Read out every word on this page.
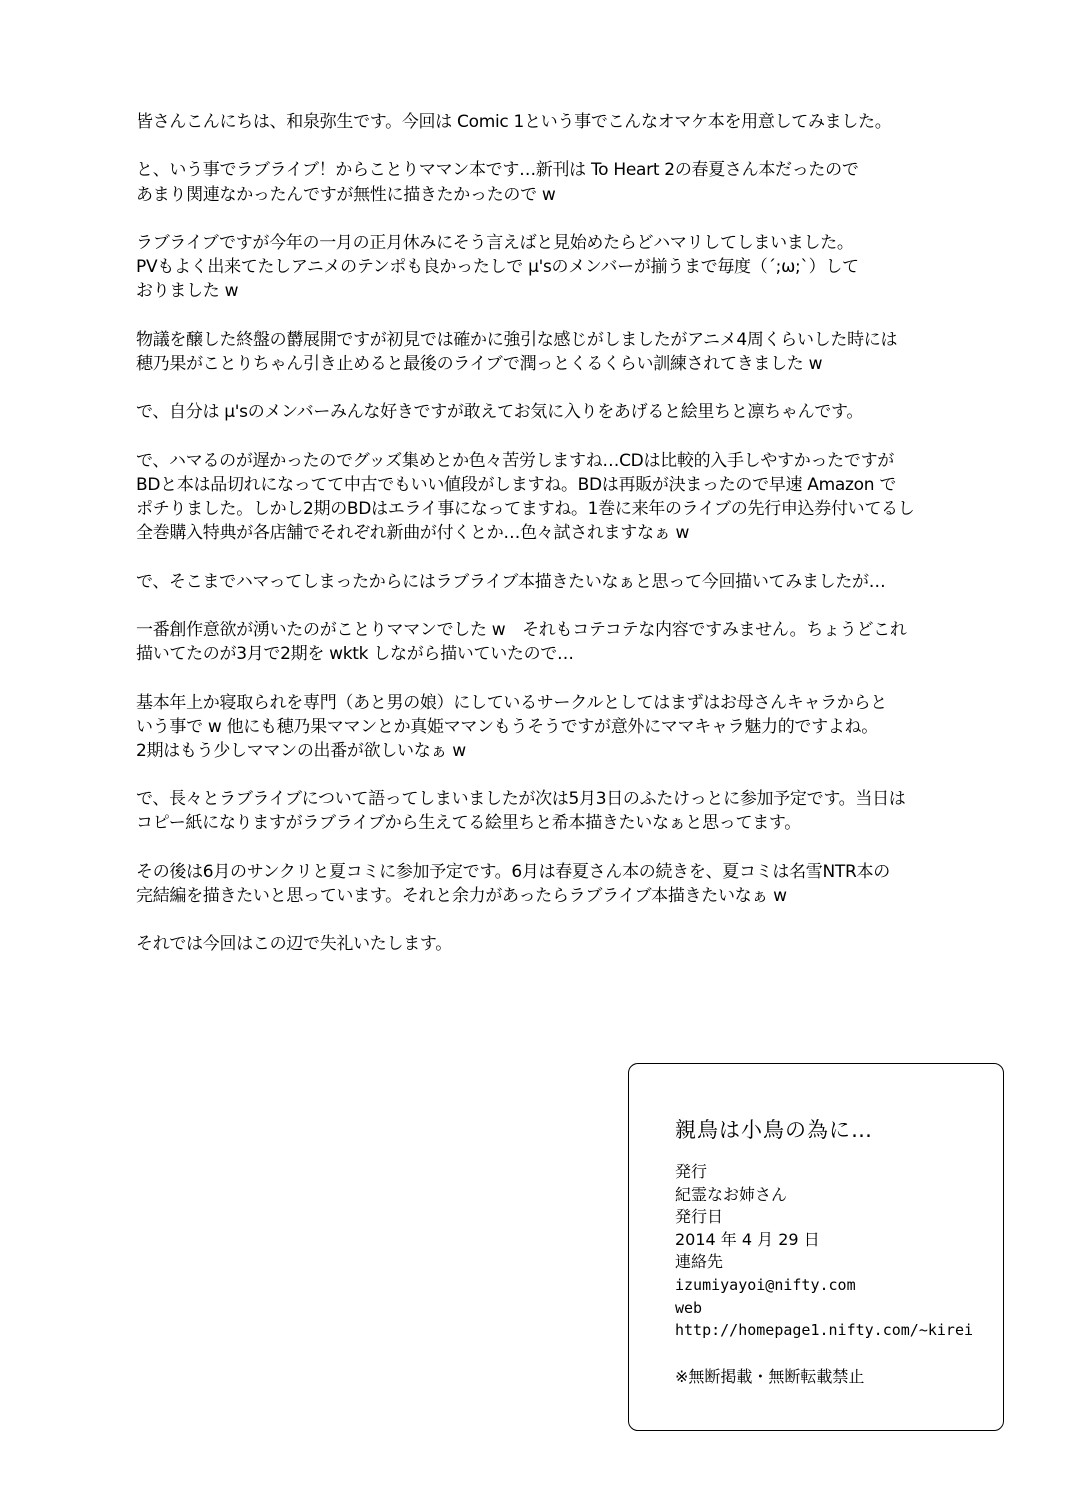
皆さんこんにちは、和泉弥生です。今回は Comic 1という事でこんなオマケ本を用意してみました。
と、いう事でラブライブ！からことりママン本です…新刊は To Heart 2の春夏さん本だったので
あまり関連なかったんですが無性に描きたかったので w
ラブライブですが今年の一月の正月休みにそう言えばと見始めたらどハマリしてしまいました。
PVもよく出来てたしアニメのテンポも良かったしで μ'sのメンバーが揃うまで毎度（´;ω;`）して
おりました w
物議を醸した終盤の欝展開ですが初見では確かに強引な感じがしましたがアニメ4周くらいした時には
穂乃果がことりちゃん引き止めると最後のライブで潤っとくるくらい訓練されてきました w
で、自分は μ'sのメンバーみんな好きですが敢えてお気に入りをあげると絵里ちと凛ちゃんです。
で、ハマるのが遅かったのでグッズ集めとか色々苦労しますね…CDは比較的入手しやすかったですが
BDと本は品切れになってて中古でもいい値段がしますね。BDは再販が決まったので早速 Amazon で
ポチりました。しかし2期のBDはエライ事になってますね。1巻に来年のライブの先行申込券付いてるし
全巻購入特典が各店舗でそれぞれ新曲が付くとか…色々試されますなぁ w
で、そこまでハマってしまったからにはラブライブ本描きたいなぁと思って今回描いてみましたが…
一番創作意欲が湧いたのがことりママンでした w　それもコテコテな内容ですみません。ちょうどこれ
描いてたのが3月で2期を wktk しながら描いていたので…
基本年上か寝取られを専門（あと男の娘）にしているサークルとしてはまずはお母さんキャラからと
いう事で w 他にも穂乃果ママンとか真姫ママンもうそうですが意外にママキャラ魅力的ですよね。
2期はもう少しママンの出番が欲しいなぁ w
で、長々とラブライブについて語ってしまいましたが次は5月3日のふたけっとに参加予定です。当日は
コピー紙になりますがラブライブから生えてる絵里ちと希本描きたいなぁと思ってます。
その後は6月のサンクリと夏コミに参加予定です。6月は春夏さん本の続きを、夏コミは名雪NTR本の
完結編を描きたいと思っています。それと余力があったらラブライブ本描きたいなぁ w
それでは今回はこの辺で失礼いたします。
親鳥は小鳥の為に…
発行
紀霊なお姉さん
発行日
2014 年 4 月 29 日
連絡先
izumiyayoi@nifty.com
web
http://homepage1.nifty.com/~kirei
※無断掲載・無断転載禁止
